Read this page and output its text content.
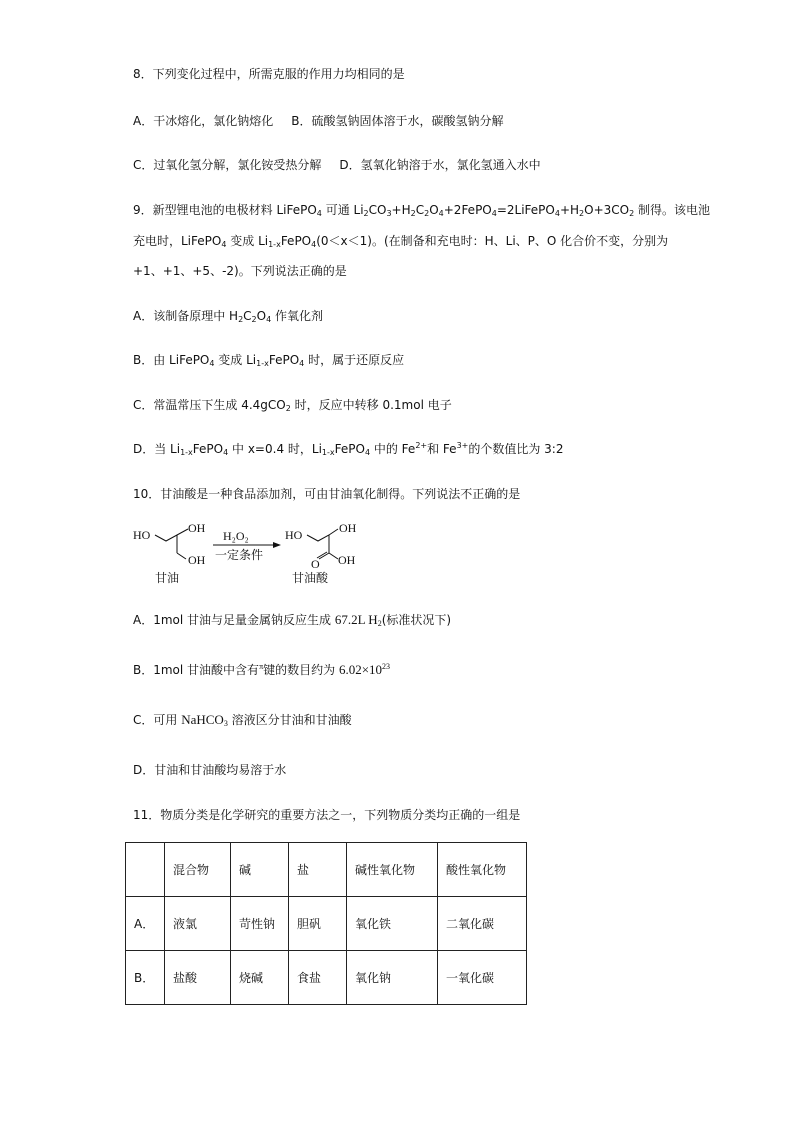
8．下列变化过程中，所需克服的作用力均相同的是
A．干冰熔化，氯化钠熔化 B．硫酸氢钠固体溶于水，碳酸氢钠分解
C．过氧化氢分解，氯化铵受热分解 D．氢氧化钠溶于水，氯化氢通入水中
9．新型锂电池的电极材料 LiFePO$_4$ 可通 $Li_2CO_3+H_2C_2O_4+2FePO_4=2LiFePO_4+H_2O+3CO_2$ 制得。该电池
充电时，LiFePO$_4$ 变成 $Li_{1-x}FePO_4(0<x<1)$。(在制备和充电时：H、Li、P、O 化合价不变，分别为
+1、+1、+5、-2)。下列说法正确的是
A．该制备原理中 $H_2C_2O_4$ 作氧化剂
B．由 LiFePO$_4$ 变成 $Li_{1-x}FePO_4$ 时，属于还原反应
C．常温常压下生成 4.4gCO$_2$ 时，反应中转移 0.1mol 电子
D．当 $Li_{1-x}FePO_4$ 中 x=0.4 时，$Li_{1-x}FePO_4$ 中的 $Fe^{2+}$和 $Fe^{3+}$的个数值比为 3:2
10．甘油酸是一种食品添加剂，可由甘油氧化制得。下列说法不正确的是
HO	OH
OH
甘油
H₂O₂
一定条件
HO	OH
O OH
甘油酸
A．1mol 甘油与足量金属钠反应生成 67.2L $H_2$(标准状况下)
B．1mol 甘油酸中含有$^\pi$键的数目约为 $6.02\times 10^{23}$
C．可用 NaHCO$_3$ 溶液区分甘油和甘油酸
D．甘油和甘油酸均易溶于水
11．物质分类是化学研究的重要方法之一，下列物质分类均正确的一组是
	混合物	碱	盐	碱性氧化物	酸性氧化物
A．	液氯	苛性钠	胆矾	氧化铁	二氧化碳
B．	盐酸	烧碱	食盐	氧化钠	一氧化碳
